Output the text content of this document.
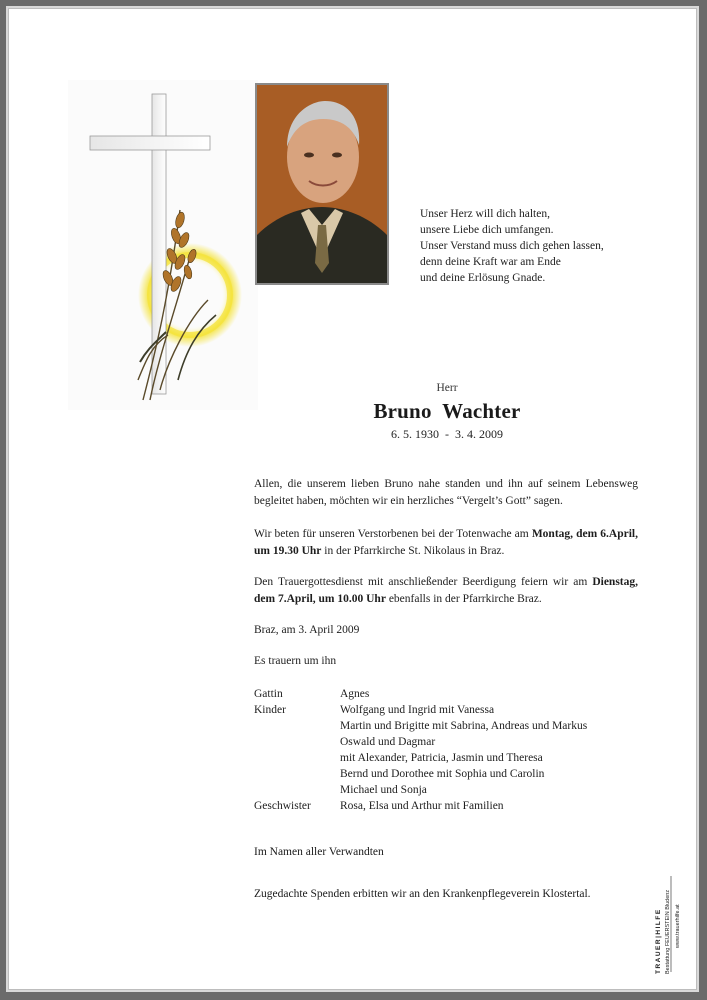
Unser Herz will dich halten,
unsere Liebe dich umfangen.
Unser Verstand muss dich gehen lassen,
denn deine Kraft war am Ende
und deine Erlösung Gnade.
Herr
Bruno  Wachter
6. 5. 1930  -  3. 4. 2009

Allen, die unserem lieben Bruno nahe standen und ihn auf seinem Lebensweg begleitet haben, möchten wir ein herzliches “Vergelt’s Gott” sagen.

Wir beten für unseren Verstorbenen bei der Totenwache am Montag, dem 6.April, um 19.30 Uhr in der Pfarrkirche St. Nikolaus in Braz.

Den Trauergottesdienst mit anschließender Beerdigung feiern wir am Dienstag, dem 7.April, um 10.00 Uhr ebenfalls in der Pfarrkirche Braz.

Braz, am 3. April 2009

Es trauern um ihn

Gattin	Agnes
Kinder	Wolfgang und Ingrid mit Vanessa
Martin und Brigitte mit Sabrina, Andreas und Markus
Oswald und Dagmar
mit Alexander, Patricia, Jasmin und Theresa
Bernd und Dorothee mit Sophia und Carolin
Michael und Sonja
Geschwister	Rosa, Elsa und Arthur mit Familien
Im Namen aller Verwandten
Zugedachte Spenden erbitten wir an den Krankenpflegeverein Klostertal.
TRAUER|HILFE Bestattung FEUERSTEIN Bludenz www.trauerhilfe.at
